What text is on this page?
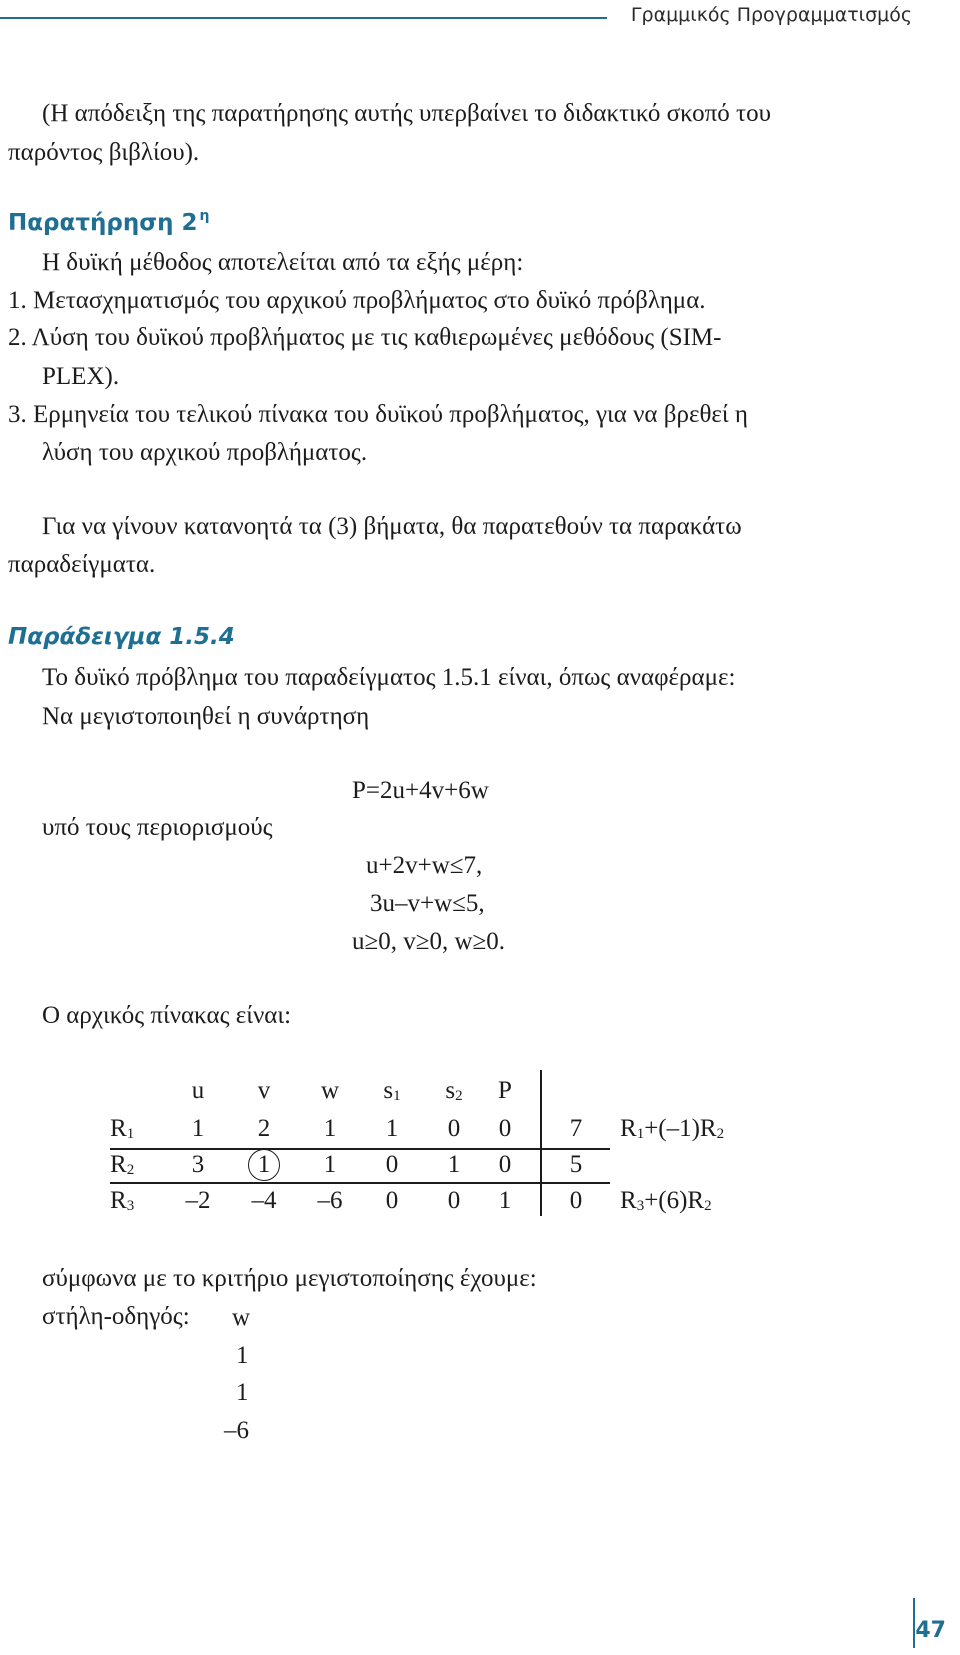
Γραμμικός Προγραμματισμός
(Η απόδειξη της παρατήρησης αυτής υπερβαίνει το διδακτικό σκοπό του
παρόντος βιβλίου).
Παρατήρηση 2 $^\eta$
Η δυϊκή μέθοδος αποτελείται από τα εξής μέρη:
1. Μετασχηματισμός του αρχικού προβλήματος στο δυϊκό πρόβλημα.
2. Λύση του δυϊκού προβλήματος με τις καθιερωμένες μεθόδους (SIM-
PLEX).
3. Ερμηνεία του τελικού πίνακα του δυϊκού προβλήματος, για να βρεθεί η
λύση του αρχικού προβλήματος.
Για να γίνουν κατανοητά τα (3) βήματα, θα παρατεθούν τα παρακάτω
παραδείγματα.
Παράδειγμα 1.5.4
Το δυϊκό πρόβλημα του παραδείγματος 1.5.1 είναι, όπως αναφέραμε:
Να μεγιστοποιηθεί η συνάρτηση
P=2u+4v+6w
υπό τους περιορισμούς
u+2v+w≤7,
3u–v+w≤5,
u≥0, v≥0, w≥0.
Ο αρχικός πίνακας είναι:
u v w s1 s2 P
R1 1 2 1 1 0 0 7 R1+(–1)R2
R2 3	1	1 0 1 0 5
R3 –2 –4 –6 0 0 1 0 R3+(6)R2
σύμφωνα με το κριτήριο μεγιστοποίησης έχουμε:
στήλη-οδηγός: w
1
1
–6
47
